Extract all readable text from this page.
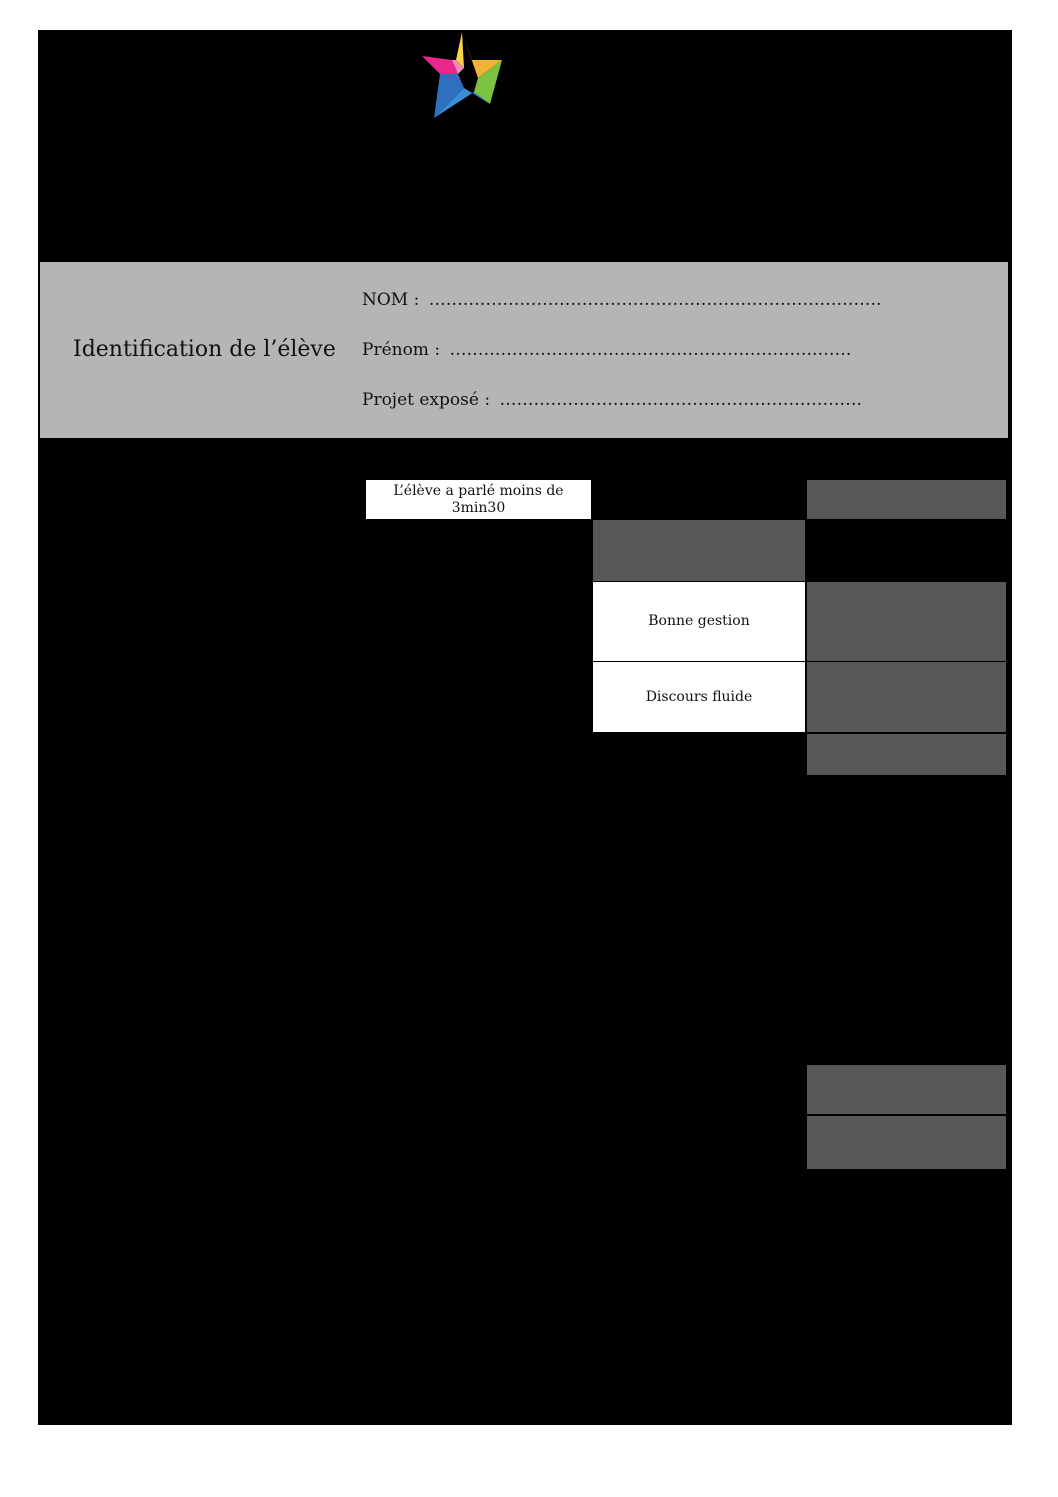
Identification de l’élève
NOM : ……………………………………………………….…………….
Prénom : ……………………………………………………….…….
Projet exposé : ……………………………………………………….
L’élève a parlé moins de 3min30
Bonne gestion
Discours fluide
